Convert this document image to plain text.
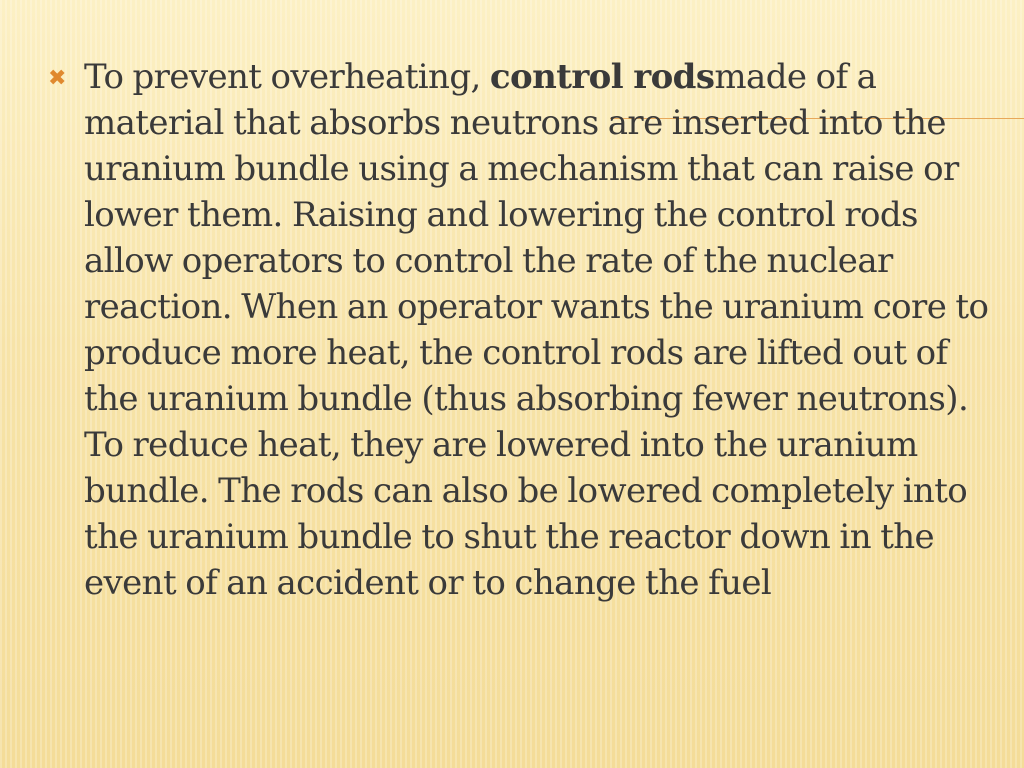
✖ To prevent overheating, control rodsmade of a material that absorbs neutrons are inserted into the uranium bundle using a mechanism that can raise or lower them. Raising and lowering the control rods allow operators to control the rate of the nuclear reaction. When an operator wants the uranium core to produce more heat, the control rods are lifted out of the uranium bundle (thus absorbing fewer neutrons). To reduce heat, they are lowered into the uranium bundle. The rods can also be lowered completely into the uranium bundle to shut the reactor down in the event of an accident or to change the fuel
